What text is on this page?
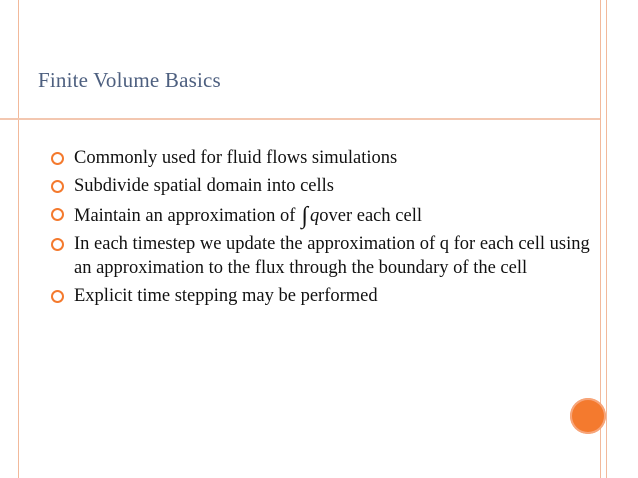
Finite Volume Basics
Commonly used for fluid flows simulations
Subdivide spatial domain into cells
Maintain an approximation of ∫ qover each cell
In each timestep we update the approximation of q for each cell using an approximation to the flux through the boundary of the cell
Explicit time stepping may be performed
